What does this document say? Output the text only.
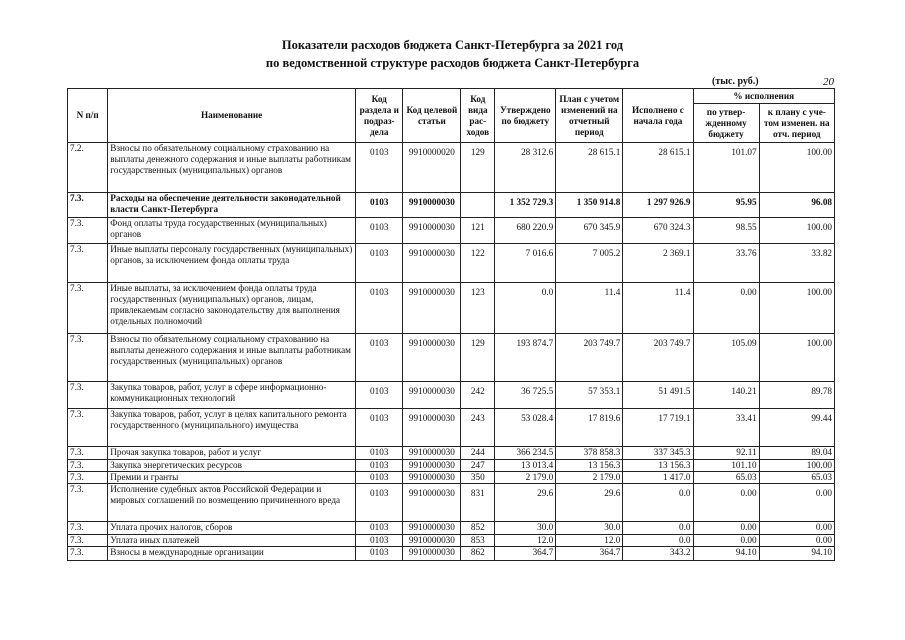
Показатели расходов бюджета Санкт-Петербурга за 2021 год
по ведомственной структуре расходов бюджета Санкт-Петербурга
(тыс. руб.)	20
N п/п	Наименование	Код раздела и подраз-дела	Код целевой статьи	Код вида рас-ходов	Утверждено по бюджету	План с учетом изменений на отчетный период	Исполнено с начала года	% исполнения	
								по утвер-жденному бюджету	к плану с уче-том изменен. на отч. период
7.2.	Взносы по обязательному социальному страхованию на выплаты денежного содержания и иные выплаты работникам государственных (муниципальных) органов	0103	9910000020	129	28 312.6	28 615.1	28 615.1	101.07	100.00
7.3.	Расходы на обеспечение деятельности законодательной власти Санкт-Петербурга	0103	9910000030		1 352 729.3	1 350 914.8	1 297 926.9	95.95	96.08
7.3.	Фонд оплаты труда государственных (муниципальных) органов	0103	9910000030	121	680 220.9	670 345.9	670 324.3	98.55	100.00
7.3.	Иные выплаты персоналу государственных (муниципальных) органов, за исключением фонда оплаты труда	0103	9910000030	122	7 016.6	7 005.2	2 369.1	33.76	33.82
7.3.	Иные выплаты, за исключением фонда оплаты труда государственных (муниципальных) органов, лицам, привлекаемым согласно законодательству для выполнения отдельных полномочий	0103	9910000030	123	0.0	11.4	11.4	0.00	100.00
7.3.	Взносы по обязательному социальному страхованию на выплаты денежного содержания и иные выплаты работникам государственных (муниципальных) органов	0103	9910000030	129	193 874.7	203 749.7	203 749.7	105.09	100.00
7.3.	Закупка товаров, работ, услуг в сфере информационно-коммуникационных технологий	0103	9910000030	242	36 725.5	57 353.1	51 491.5	140.21	89.78
7.3.	Закупка товаров, работ, услуг в целях капитального ремонта государственного (муниципального) имущества	0103	9910000030	243	53 028.4	17 819.6	17 719.1	33.41	99.44
7.3.	Прочая закупка товаров, работ и услуг	0103	9910000030	244	366 234.5	378 858.3	337 345.3	92.11	89.04
7.3.	Закупка энергетических ресурсов	0103	9910000030	247	13 013.4	13 156.3	13 156.3	101.10	100.00
7.3.	Премии и гранты	0103	9910000030	350	2 179.0	2 179.0	1 417.0	65.03	65.03
7.3.	Исполнение судебных актов Российской Федерации и мировых соглашений по возмещению причиненного вреда	0103	9910000030	831	29.6	29.6	0.0	0.00	0.00
7.3.	Уплата прочих налогов, сборов	0103	9910000030	852	30.0	30.0	0.0	0.00	0.00
7.3.	Уплата иных платежей	0103	9910000030	853	12.0	12.0	0.0	0.00	0.00
7.3.	Взносы в международные организации	0103	9910000030	862	364.7	364.7	343.2	94.10	94.10
